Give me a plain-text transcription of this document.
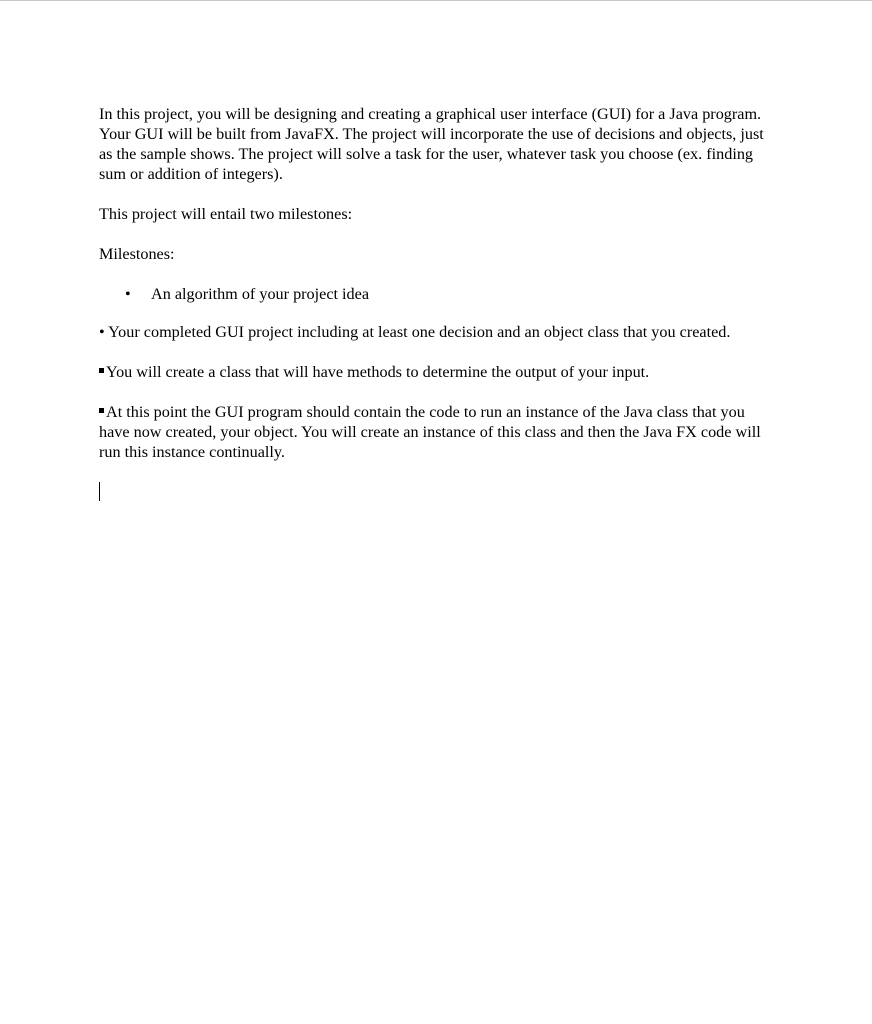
In this project, you will be designing and creating a graphical user interface (GUI) for a Java program. Your GUI will be built from JavaFX. The project will incorporate the use of decisions and objects, just as the sample shows. The project will solve a task for the user, whatever task you choose (ex. finding sum or addition of integers).

This project will entail two milestones:

Milestones:

• An algorithm of your project idea

• Your completed GUI project including at least one decision and an object class that you created.

You will create a class that will have methods to determine the output of your input.

At this point the GUI program should contain the code to run an instance of the Java class that you have now created, your object. You will create an instance of this class and then the Java FX code will run this instance continually.
